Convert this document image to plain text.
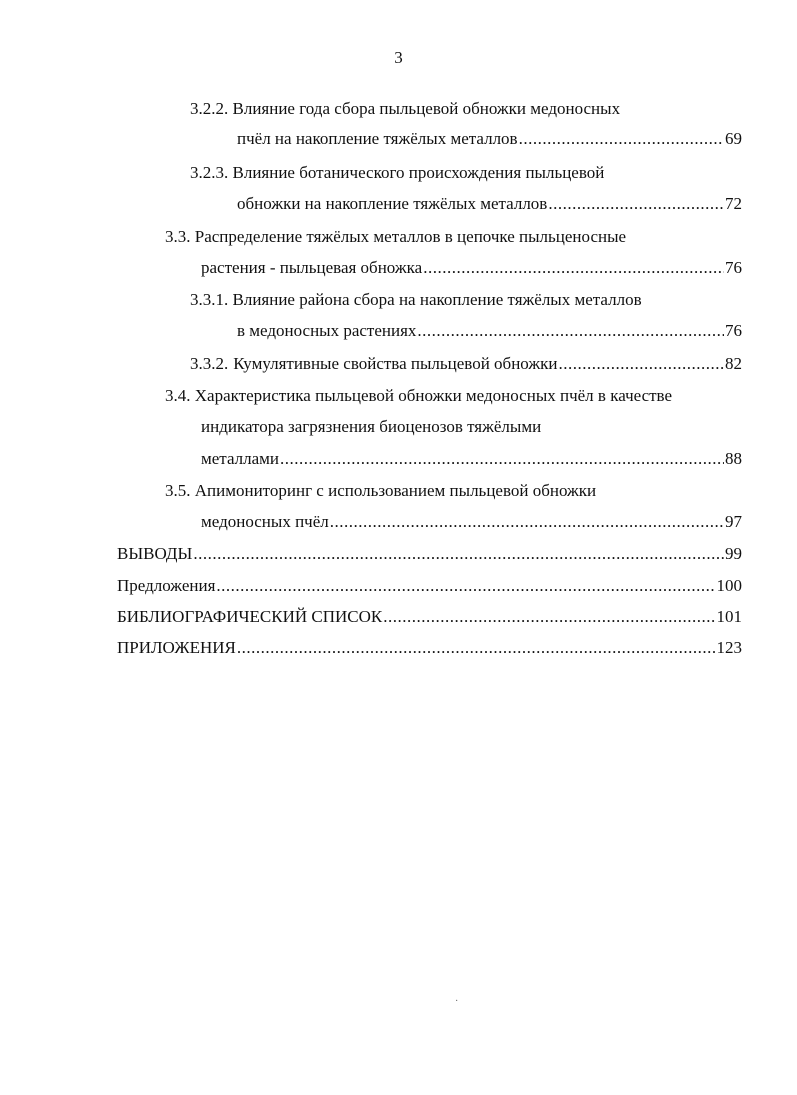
3
3.2.2. Влияние года сбора пыльцевой обножки медоносных
пчёл на накопление тяжёлых металлов .....	69
3.2.3. Влияние ботанического происхождения пыльцевой
обножки на накопление тяжёлых металлов .....	72
3.3. Распределение тяжёлых металлов в цепочке пыльценосные
растения - пыльцевая обножка .....	76
3.3.1. Влияние района сбора на накопление тяжёлых металлов
в медоносных растениях .....	76
3.3.2. Кумулятивные свойства пыльцевой обножки .....	82
3.4. Характеристика пыльцевой обножки медоносных пчёл в качестве
индикатора загрязнения биоценозов тяжёлыми
металлами .....	88
3.5. Апимониторинг с использованием пыльцевой обножки
медоносных пчёл .....	97
ВЫВОДЫ .....	99
Предложения .....	100
БИБЛИОГРАФИЧЕСКИЙ СПИСОК .....	101
ПРИЛОЖЕНИЯ .....	123
·
